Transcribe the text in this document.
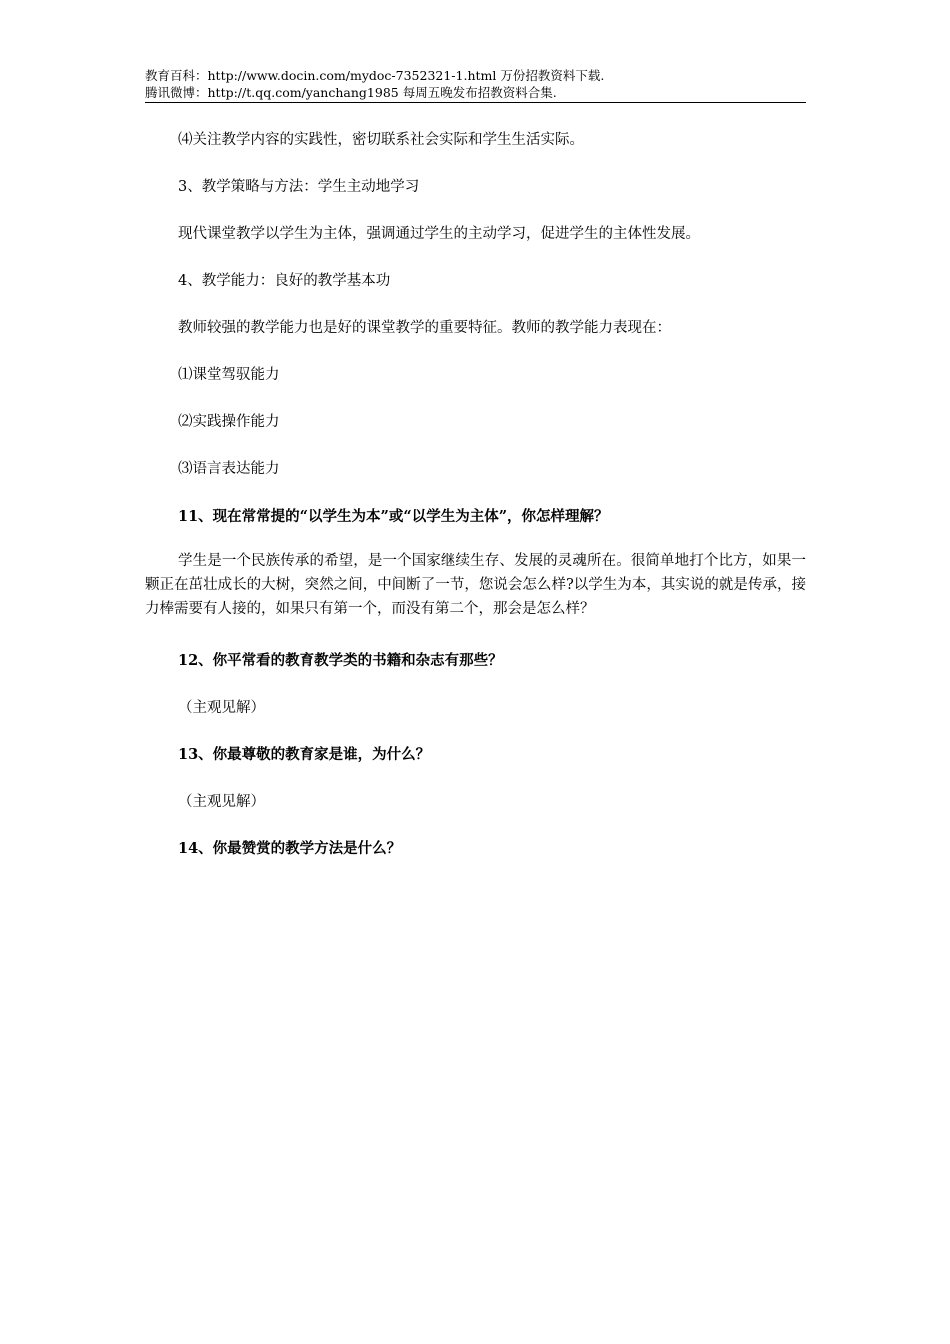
教育百科：http://www.docin.com/mydoc-7352321-1.html 万份招教资料下载.
腾讯微博：http://t.qq.com/yanchang1985 每周五晚发布招教资料合集.
⑷关注教学内容的实践性，密切联系社会实际和学生生活实际。
3、教学策略与方法：学生主动地学习
现代课堂教学以学生为主体，强调通过学生的主动学习，促进学生的主体性发展。
4、教学能力：良好的教学基本功
教师较强的教学能力也是好的课堂教学的重要特征。教师的教学能力表现在：
⑴课堂驾驭能力
⑵实践操作能力
⑶语言表达能力
11、现在常常提的“以学生为本”或“以学生为主体”，你怎样理解？
学生是一个民族传承的希望，是一个国家继续生存、发展的灵魂所在。很简单地打个比方，如果一颗正在茁壮成长的大树，突然之间，中间断了一节，您说会怎么样?以学生为本，其实说的就是传承，接力棒需要有人接的，如果只有第一个，而没有第二个，那会是怎么样？
12、你平常看的教育教学类的书籍和杂志有那些？
（主观见解）
13、你最尊敬的教育家是谁，为什么？
（主观见解）
14、你最赞赏的教学方法是什么？
